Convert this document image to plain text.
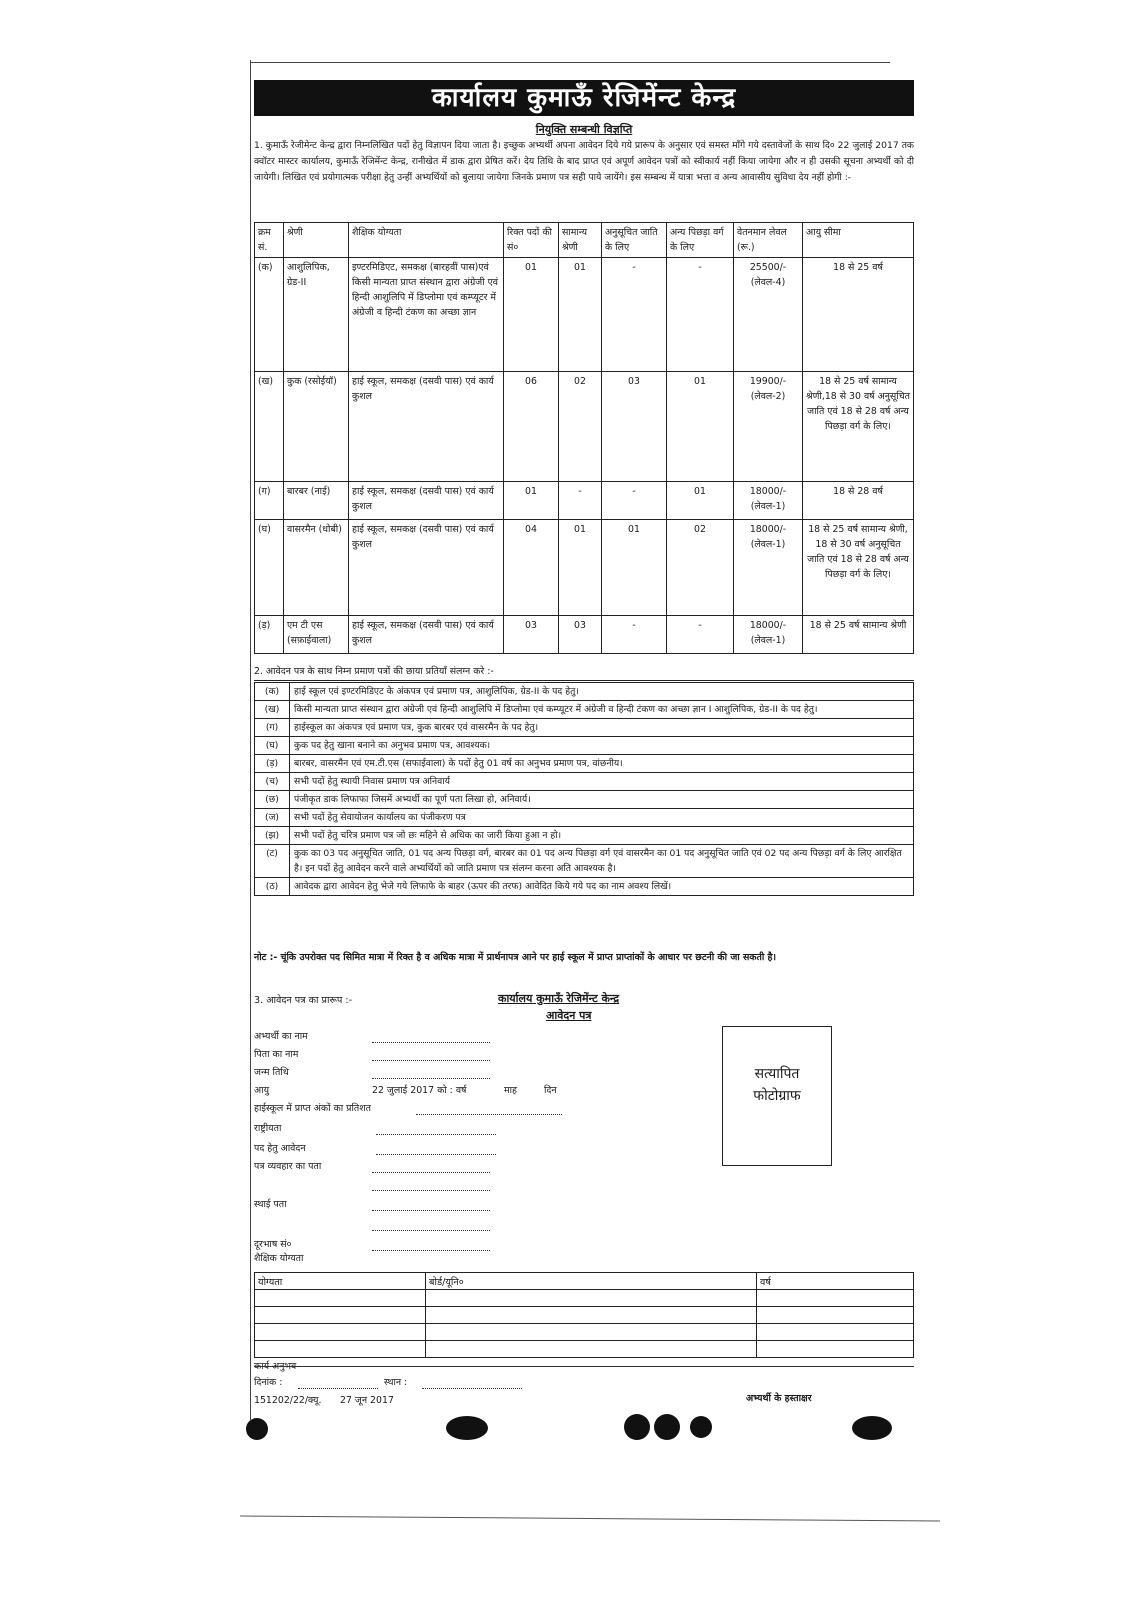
कार्यालय कुमाऊँ रेजिमेंन्ट केन्द्र
नियुक्ति सम्बन्धी विज्ञप्ति
1. कुमाऊँ रेजीमेन्ट केन्द्र द्वारा निम्नलिखित पदों हेतु विज्ञापन दिया जाता है। इच्छुक अभ्यर्थी अपना आवेदन दिये गये प्रारूप के अनुसार एवं समस्त माँगे गये दस्तावेजों के साथ दि० 22 जुलाई 2017 तक क्वॉटर मास्टर कार्यालय, कुमाऊँ रेजिमेंन्ट केन्द्र, रानीखेत में डाक द्वारा प्रेषित करें। देय तिथि के बाद प्राप्त एवं अपूर्ण आवेदन पत्रों को स्वीकार्य नहीं किया जायेगा और न ही उसकी सूचना अभ्यर्थी को दी जायेगी। लिखित एवं प्रयोगात्मक परीक्षा हेतु उन्हीं अभ्यर्थियों को बुलाया जायेगा जिनके प्रमाण पत्र सही पाये जायेंगे। इस सम्बन्ध में यात्रा भत्ता व अन्य आवासीय सुविधा देय नहीं होगी :-
क्रम सं.	श्रेणी	शैक्षिक योग्यता	रिक्त पदों की सं०	सामान्य श्रेणी	अनुसूचित जाति के लिए	अन्य पिछड़ा वर्ग के लिए	वेतनमान लेवल (रू.)	आयु सीमा
(क)	आशुलिपिक, ग्रेड-II	इण्टरमिडिएट, समकक्ष (बारहवीं पास)एवं किसी मान्यता प्राप्त संस्थान द्वारा अंग्रेजी एवं हिन्दी आशुलिपि में डिप्लोमा एवं कम्प्यूटर में अंग्रेजी व हिन्दी टंकण का अच्छा ज्ञान	01	01	-	-	25500/- (लेवल-4)	18 से 25 वर्ष
(ख)	कुक (रसोईयॉ)	हाई स्कूल, समकक्ष (दसवी पास) एवं कार्य कुशल	06	02	03	01	19900/- (लेवल-2)	18 से 25 वर्ष सामान्य श्रेणी,18 से 30 वर्ष अनुसूचित जाति एवं 18 से 28 वर्ष अन्य पिछड़ा वर्ग के लिए।
(ग)	बारबर (नाई)	हाई स्कूल, समकक्ष (दसवी पास) एवं कार्य कुशल	01	-	-	01	18000/- (लेवल-1)	18 से 28 वर्ष
(घ)	वासरमैन (धोबी)	हाई स्कूल, समकक्ष (दसवी पास) एवं कार्य कुशल	04	01	01	02	18000/- (लेवल-1)	18 से 25 वर्ष सामान्य श्रेणी, 18 से 30 वर्ष अनुसूचित जाति एवं 18 से 28 वर्ष अन्य पिछड़ा वर्ग के लिए।
(ड़)	एम टी एस (सफ़ाईवाला)	हाई स्कूल, समकक्ष (दसवी पास) एवं कार्य कुशल	03	03	-	-	18000/- (लेवल-1)	18 से 25 वर्ष सामान्य श्रेणी
2. आवेदन पत्र के साथ निम्न प्रमाण पत्रों की छाया प्रतियाँ संलग्न करे :-
(क)	हाई स्कूल एवं इण्टरमिडिएट के अंकपत्र एवं प्रमाण पत्र, आशुलिपिक, ग्रेड-II के पद हेतु।
(ख)	किसी मान्यता प्राप्त संस्थान द्वारा अंग्रेजी एवं हिन्दी आशुलिपि में डिप्लोमा एवं कम्प्यूटर में अंग्रेजी व हिन्दी टंकण का अच्छा ज्ञान I आशुलिपिक, ग्रेड-II के पद हेतु।
(ग)	हाईस्कूल का अंकपत्र एवं प्रमाण पत्र, कुक बारबर एवं वासरमैन के पद हेतु।
(घ)	कुक पद हेतु खाना बनाने का अनुभव प्रमाण पत्र, आवश्यक।
(ड़)	बारबर, वासरमैन एवं एम.टी.एस (सफाईवाला) के पदों हेतु 01 वर्ष का अनुभव प्रमाण पत्र, वांछनीय।
(च)	सभी पदों हेतु स्थायी निवास प्रमाण पत्र अनिवार्य
(छ)	पंजीकृत डाक लिफाफा जिसमें अभ्यर्थी का पूर्ण पता लिखा हो, अनिवार्य।
(ज)	सभी पदों हेतु सेवायोजन कार्यालय का पंजीकरण पत्र
(झ)	सभी पदों हेतु चरित्र प्रमाण पत्र जो छः महिने से अधिक का जारी किया हुआ न हो।
(ट)	कुक का 03 पद अनुसूचित जाति, 01 पद अन्य पिछड़ा वर्ग, बारबर का 01 पद अन्य पिछड़ा वर्ग एवं वासरमैन का 01 पद अनुसूचित जाति एवं 02 पद अन्य पिछड़ा वर्ग के लिए आरक्षित है। इन पदों हेतु आवेदन करने वाले अभ्यर्थियों को जाति प्रमाण पत्र संलग्न करना अति आवश्यक है।
(ठ)	आवेदक द्वारा आवेदन हेतु भेजे गये लिफाफे के बाहर (ऊपर की तरफ) आवेदित किये गये पद का नाम अवश्य लिखें।
नोट :- चूंकि उपरोक्त पद सिमित मात्रा में रिक्त है व अधिक मात्रा में प्रार्थनापत्र आने पर हाई स्कूल में प्राप्त प्राप्तांकों के आधार पर छटनी की जा सकती है।
3. आवेदन पत्र का प्रारूप :-	कार्यालय कुमाऊँ रेजिमेंन्ट केन्द्र
आवेदन पत्र
अभ्यर्थी का नाम
पिता का नाम
जन्म तिथि
आयु	22 जुलाई 2017 को : वर्ष	माह	दिन
हाईस्कूल में प्राप्त अंकों का प्रतिशत
राष्ट्रीयता
पद हेतु आवेदन
पत्र व्यवहार का पता
स्थाई पता
दूरभाष सं०
शैक्षिक योग्यता
सत्यापित
फोटोग्राफ
योग्यता	बोर्ड/यूनि०	वर्ष

कार्य अनुभव
दिनांक :	स्थान :
151202/22/क्यू. 27 जून 2017	अभ्यर्थी के हस्ताक्षर
